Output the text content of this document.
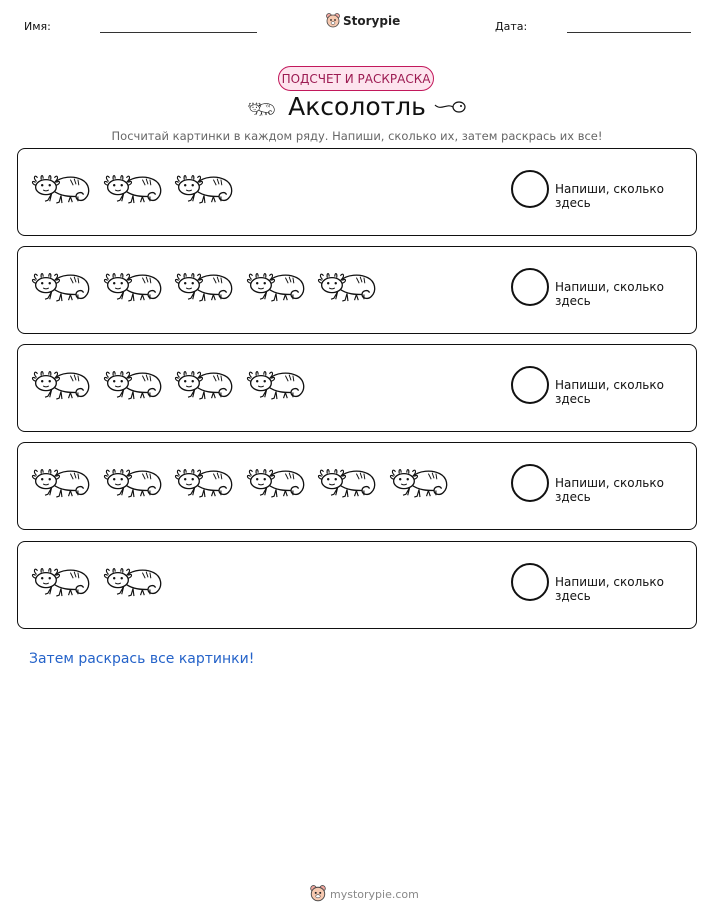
Имя:	Storypie	Дата:
ПОДСЧЕТ И РАСКРАСКА
Аксолотль
Посчитай картинки в каждом ряду. Напиши, сколько их, затем раскрась их все!
Напиши, сколько здесь
Напиши, сколько здесь
Напиши, сколько здесь
Напиши, сколько здесь
Напиши, сколько здесь
Затем раскрась все картинки!
mystorypie.com
